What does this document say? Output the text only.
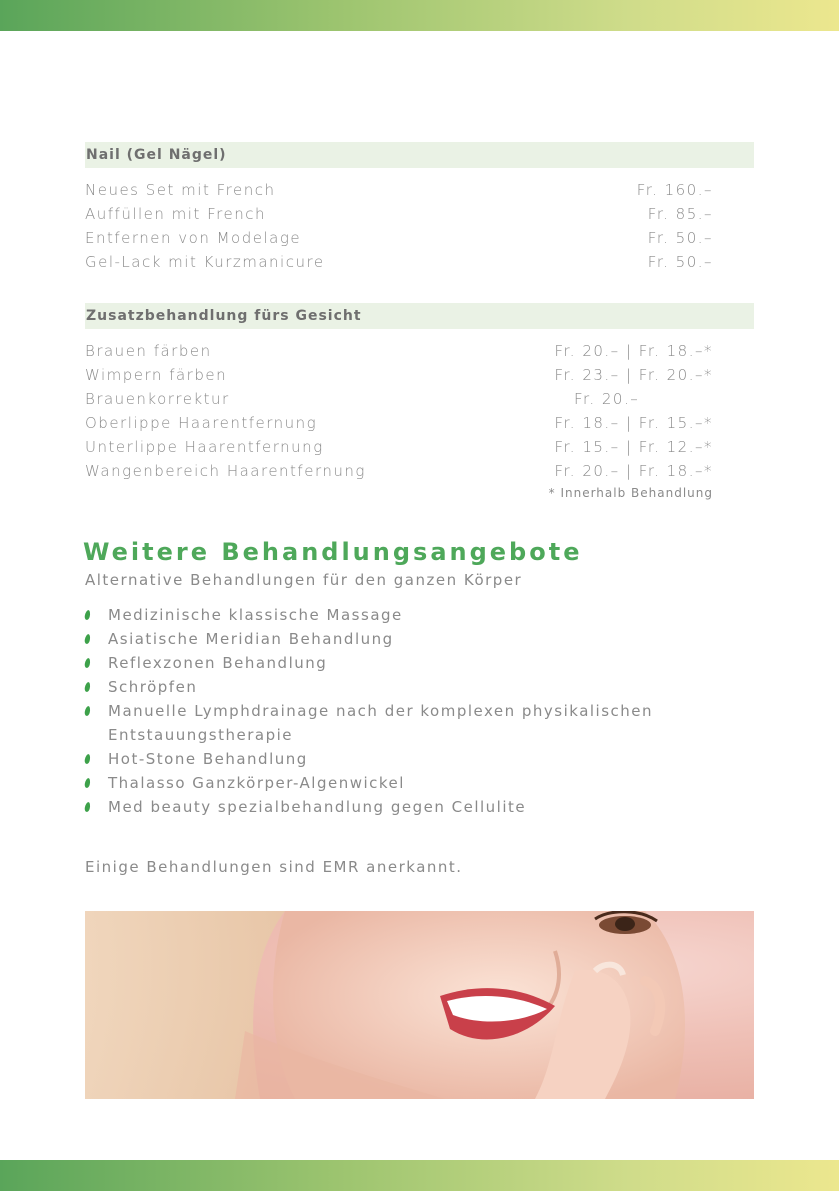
Nail (Gel Nägel)
Neues Set mit French	Fr. 160.–
Auffüllen mit French	Fr. 85.–
Entfernen von Modelage	Fr. 50.–
Gel-Lack mit Kurzmanicure	Fr. 50.–
Zusatzbehandlung fürs Gesicht
Brauen färben	Fr. 20.– | Fr. 18.–*
Wimpern färben	Fr. 23.– | Fr. 20.–*
Brauenkorrektur	Fr. 20.–
Oberlippe Haarentfernung	Fr. 18.– | Fr. 15.–*
Unterlippe Haarentfernung	Fr. 15.– | Fr. 12.–*
Wangenbereich Haarentfernung	Fr. 20.– | Fr. 18.–*
* Innerhalb Behandlung
Weitere Behandlungsangebote
Alternative Behandlungen für den ganzen Körper
Medizinische klassische Massage
Asiatische Meridian Behandlung
Reflexzonen Behandlung
Schröpfen
Manuelle Lymphdrainage nach der komplexen physikalischen Entstauungstherapie
Hot-Stone Behandlung
Thalasso Ganzkörper-Algenwickel
Med beauty spezialbehandlung gegen Cellulite
Einige Behandlungen sind EMR anerkannt.
